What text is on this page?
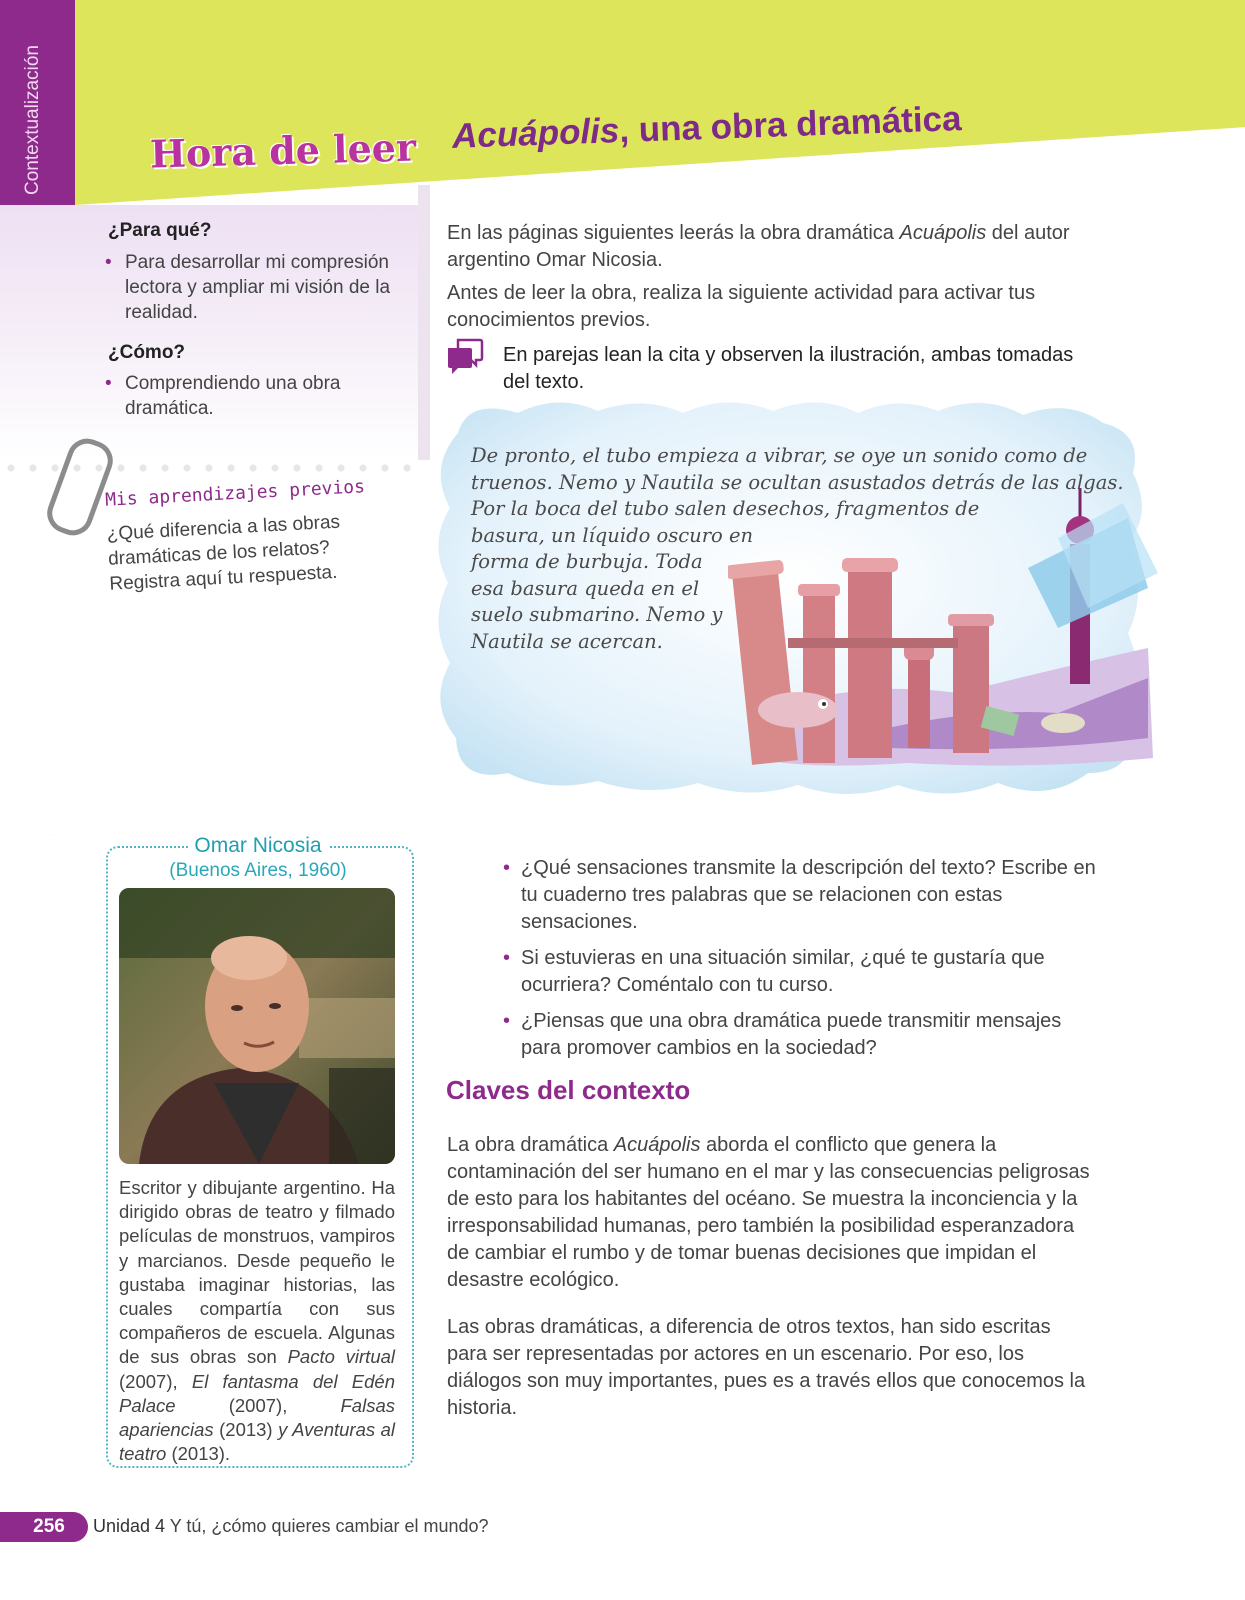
Contextualización	Hora de leer Acuápolis, una obra dramática
¿Para qué?
• Para desarrollar mi compresión lectora y ampliar mi visión de la realidad.
¿Cómo?
• Comprendiendo una obra dramática.
Mis aprendizajes previos
¿Qué diferencia a las obras dramáticas de los relatos? Registra aquí tu respuesta.
En las páginas siguientes leerás la obra dramática Acuápolis del autor argentino Omar Nicosia.
Antes de leer la obra, realiza la siguiente actividad para activar tus conocimientos previos.
En parejas lean la cita y observen la ilustración, ambas tomadas del texto.
De pronto, el tubo empieza a vibrar, se oye un sonido como de
truenos. Nemo y Nautila se ocultan asustados detrás de las algas.
Por la boca del tubo salen desechos, fragmentos de
basura, un líquido oscuro en
forma de burbuja. Toda
esa basura queda en el
suelo submarino. Nemo y
Nautila se acercan.
Omar Nicosia
(Buenos Aires, 1960)
Escritor y dibujante argentino. Ha dirigido obras de teatro y filmado películas de monstruos, vampiros y marcianos. Desde pequeño le gustaba imaginar historias, las cuales compartía con sus compañeros de escuela. Algunas de sus obras son Pacto virtual (2007), El fantasma del Edén Palace (2007), Falsas apariencias (2013) y Aventuras al teatro (2013).
• ¿Qué sensaciones transmite la descripción del texto? Escribe en tu cuaderno tres palabras que se relacionen con estas sensaciones.
• Si estuvieras en una situación similar, ¿qué te gustaría que ocurriera? Coméntalo con tu curso.
• ¿Piensas que una obra dramática puede transmitir mensajes para promover cambios en la sociedad?
Claves del contexto
La obra dramática Acuápolis aborda el conflicto que genera la contaminación del ser humano en el mar y las consecuencias peligrosas de esto para los habitantes del océano. Se muestra la inconciencia y la irresponsabilidad humanas, pero también la posibilidad esperanzadora de cambiar el rumbo y de tomar buenas decisiones que impidan el desastre ecológico.
Las obras dramáticas, a diferencia de otros textos, han sido escritas para ser representadas por actores en un escenario. Por eso, los diálogos son muy importantes, pues es a través ellos que conocemos la historia.
256	Unidad 4 Y tú, ¿cómo quieres cambiar el mundo?
